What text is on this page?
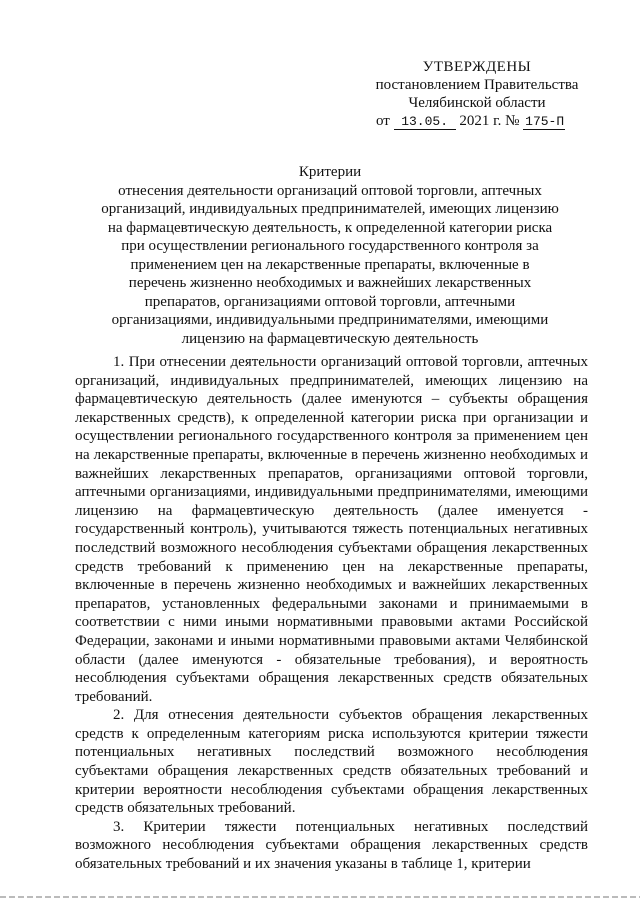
УТВЕРЖДЕНЫ
постановлением Правительства
Челябинской области
от 13.05. 2021 г. № 175-П
Критерии
отнесения деятельности организаций оптовой торговли, аптечных организаций, индивидуальных предпринимателей, имеющих лицензию на фармацевтическую деятельность, к определенной категории риска при осуществлении регионального государственного контроля за применением цен на лекарственные препараты, включенные в перечень жизненно необходимых и важнейших лекарственных препаратов, организациями оптовой торговли, аптечными организациями, индивидуальными предпринимателями, имеющими лицензию на фармацевтическую деятельность

1. При отнесении деятельности организаций оптовой торговли, аптечных организаций, индивидуальных предпринимателей, имеющих лицензию на фармацевтическую деятельность (далее именуются – субъекты обращения лекарственных средств), к определенной категории риска при организации и осуществлении регионального государственного контроля за применением цен на лекарственные препараты, включенные в перечень жизненно необходимых и важнейших лекарственных препаратов, организациями оптовой торговли, аптечными организациями, индивидуальными предпринимателями, имеющими лицензию на фармацевтическую деятельность (далее именуется - государственный контроль), учитываются тяжесть потенциальных негативных последствий возможного несоблюдения субъектами обращения лекарственных средств требований к применению цен на лекарственные препараты, включенные в перечень жизненно необходимых и важнейших лекарственных препаратов, установленных федеральными законами и принимаемыми в соответствии с ними иными нормативными правовыми актами Российской Федерации, законами и иными нормативными правовыми актами Челябинской области (далее именуются - обязательные требования), и вероятность несоблюдения субъектами обращения лекарственных средств обязательных требований.

2. Для отнесения деятельности субъектов обращения лекарственных средств к определенным категориям риска используются критерии тяжести потенциальных негативных последствий возможного несоблюдения субъектами обращения лекарственных средств обязательных требований и критерии вероятности несоблюдения субъектами обращения лекарственных средств обязательных требований.

3. Критерии тяжести потенциальных негативных последствий возможного несоблюдения субъектами обращения лекарственных средств обязательных требований и их значения указаны в таблице 1, критерии
